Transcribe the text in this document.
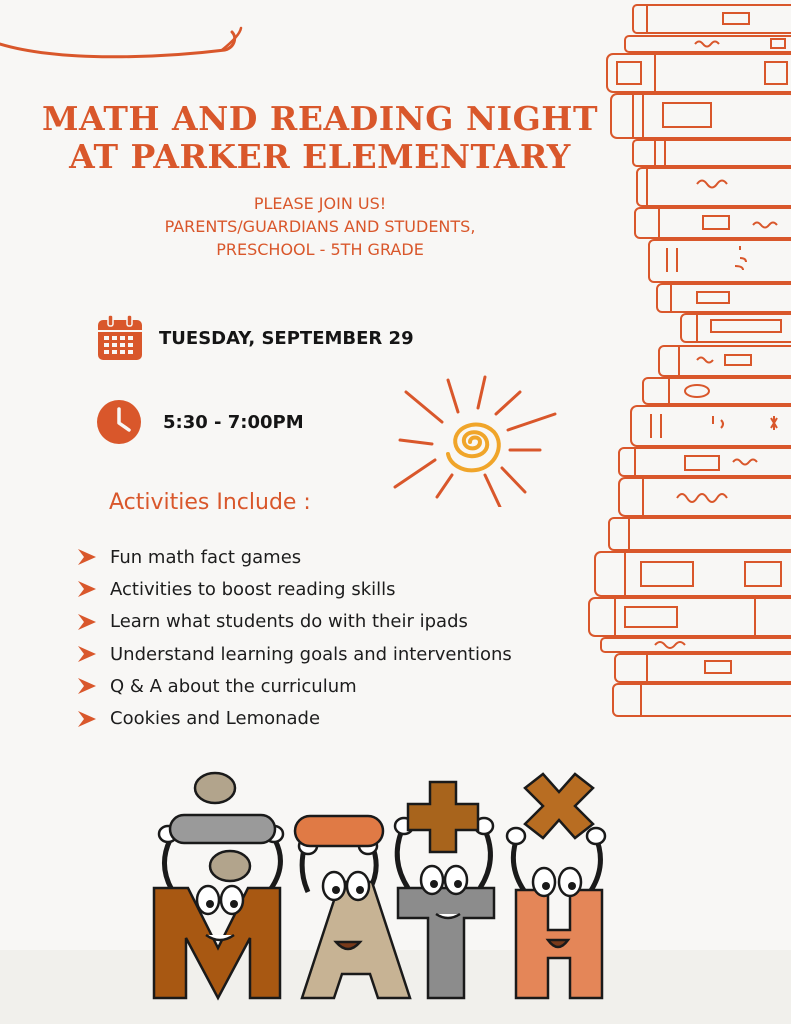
MATH AND READING NIGHT
AT PARKER ELEMENTARY
PLEASE JOIN US!
PARENTS/GUARDIANS AND STUDENTS,
PRESCHOOL - 5TH GRADE
TUESDAY, SEPTEMBER 29
5:30 - 7:00PM
Activities Include :
Fun math fact games
Activities to boost reading skills
Learn what students do with their ipads
Understand learning goals and interventions
Q & A about the curriculum
Cookies and Lemonade
